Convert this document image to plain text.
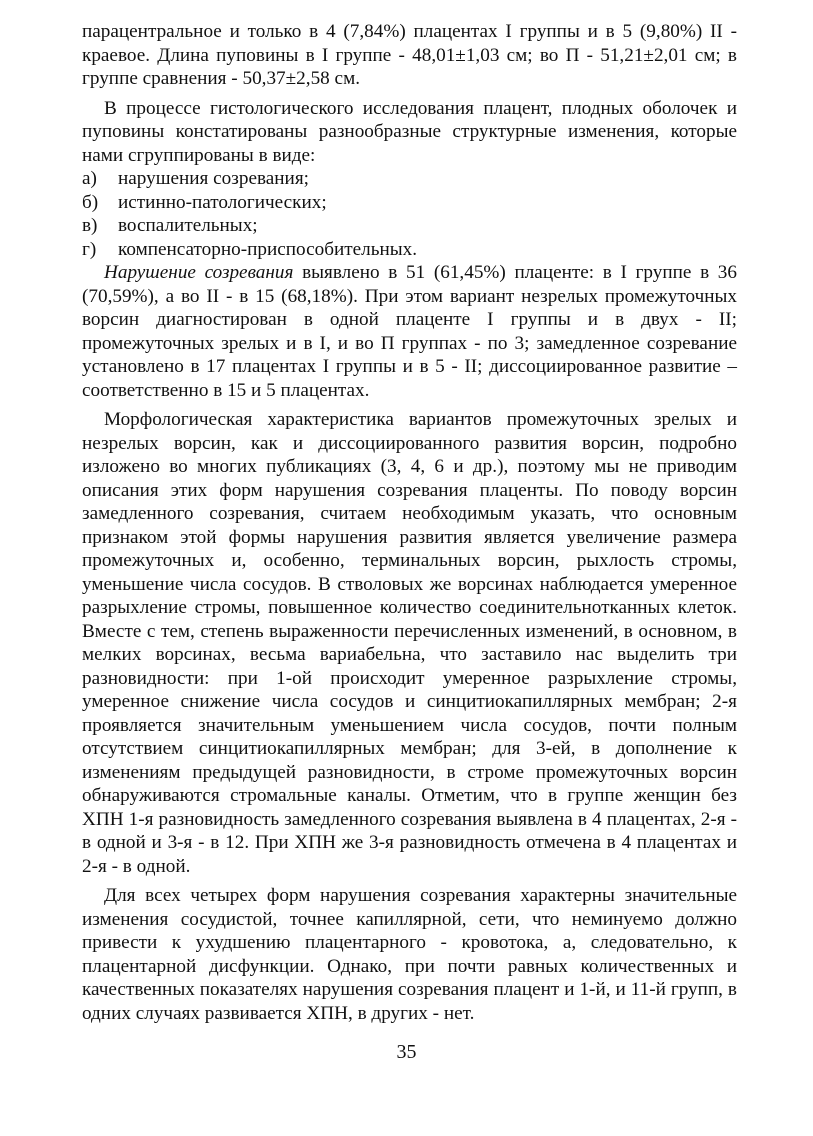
парацентральное и только в 4 (7,84%) плацентах I группы и в 5 (9,80%) II - краевое. Длина пуповины в I группе - 48,01±1,03 см; во П - 51,21±2,01 см; в группе сравнения - 50,37±2,58 см.

В процессе гистологического исследования плацент, плодных оболочек и пуповины констатированы разнообразные структурные изменения, которые нами сгруппированы в виде:

а)	нарушения созревания;
б)	истинно-патологических;
в)	воспалительных;
г)	компенсаторно-приспособительных.

Нарушение созревания выявлено в 51 (61,45%) плаценте: в I группе в 36 (70,59%), а во II - в 15 (68,18%). При этом вариант незрелых промежуточных ворсин диагностирован в одной плаценте I группы и в двух - II; промежуточных зрелых и в I, и во П группах - по 3; замедленное созревание установлено в 17 плацентах I группы и в 5 - II; диссоциированное развитие – соответственно в 15 и 5 плацентах.

Морфологическая характеристика вариантов промежуточных зрелых и незрелых ворсин, как и диссоциированного развития ворсин, подробно изложено во многих публикациях (3, 4, 6 и др.), поэтому мы не приводим описания этих форм нарушения созревания плаценты. По поводу ворсин замедленного созревания, считаем необходимым указать, что основным признаком этой формы нарушения развития является увеличение размера промежуточных и, особенно, терминальных ворсин, рыхлость стромы, уменьшение числа сосудов. В стволовых же ворсинах наблюдается умеренное разрыхление стромы, повышенное количество соединительнотканных клеток. Вместе с тем, степень выраженности перечисленных изменений, в основном, в мелких ворсинах, весьма вариабельна, что заставило нас выделить три разновидности: при 1-ой происходит умеренное разрыхление стромы, умеренное снижение числа сосудов и синцитиокапиллярных мембран; 2-я проявляется значительным уменьшением числа сосудов, почти полным отсутствием синцитиокапиллярных мембран; для 3-ей, в дополнение к изменениям предыдущей разновидности, в строме промежуточных ворсин обнаруживаются стромальные каналы. Отметим, что в группе женщин без ХПН 1-я разновидность замедленного созревания выявлена в 4 плацентах, 2-я - в одной и 3-я - в 12. При ХПН же 3-я разновидность отмечена в 4 плацентах и 2-я - в одной.

Для всех четырех форм нарушения созревания характерны значительные изменения сосудистой, точнее капиллярной, сети, что неминуемо должно привести к ухудшению плацентарного - кровотока, а, следовательно, к плацентарной дисфункции. Однако, при почти равных количественных и качественных показателях нарушения созревания плацент и 1-й, и 11-й групп, в одних случаях развивается ХПН, в других - нет.

35
